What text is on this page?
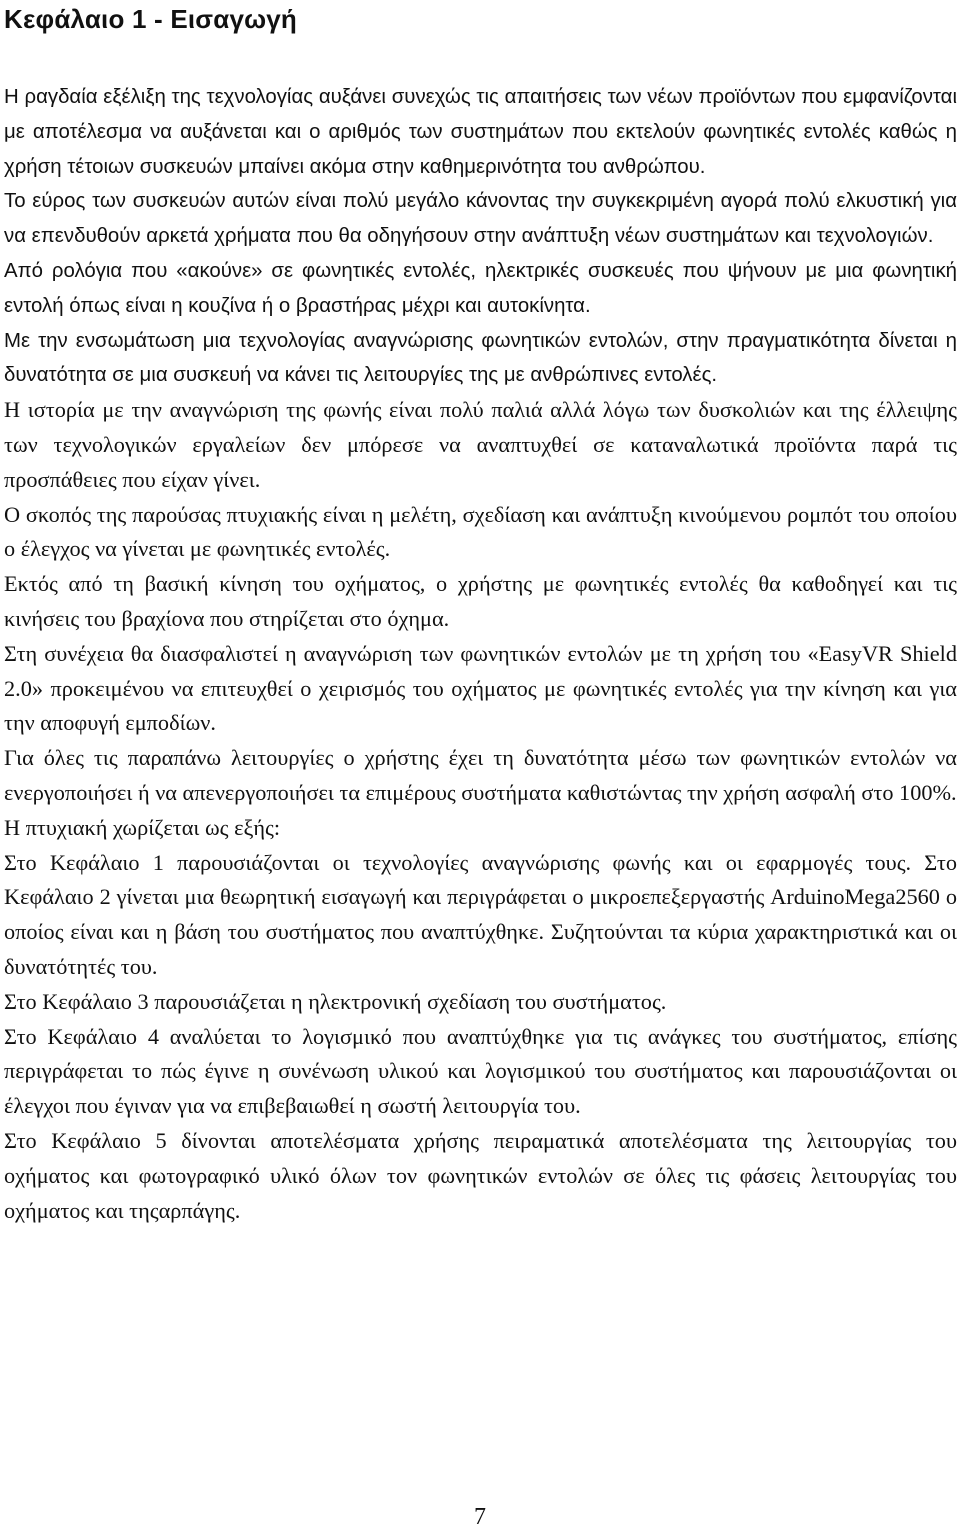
Κεφάλαιο 1 - Εισαγωγή

Η ραγδαία εξέλιξη της τεχνολογίας αυξάνει συνεχώς τις απαιτήσεις των νέων προϊόντων που εμφανίζονται με αποτέλεσμα να αυξάνεται και ο αριθμός των συστημάτων που εκτελούν φωνητικές εντολές καθώς η χρήση τέτοιων συσκευών μπαίνει ακόμα στην καθημερινότητα του ανθρώπου.

Το εύρος των συσκευών αυτών είναι πολύ μεγάλο κάνοντας την συγκεκριμένη αγορά πολύ ελκυστική για να επενδυθούν αρκετά χρήματα που θα οδηγήσουν στην ανάπτυξη νέων συστημάτων και τεχνολογιών.

Από ρολόγια που «ακούνε» σε φωνητικές εντολές, ηλεκτρικές συσκευές που ψήνουν με μια φωνητική εντολή όπως είναι η κουζίνα ή ο βραστήρας μέχρι και αυτοκίνητα.

Με την ενσωμάτωση μια τεχνολογίας αναγνώρισης φωνητικών εντολών, στην πραγματικότητα δίνεται η δυνατότητα σε μια συσκευή να κάνει τις λειτουργίες της με ανθρώπινες εντολές.

Η ιστορία με την αναγνώριση της φωνής είναι πολύ παλιά αλλά λόγω των δυσκολιών και της έλλειψης των τεχνολογικών εργαλείων δεν μπόρεσε να αναπτυχθεί σε καταναλωτικά προϊόντα παρά τις προσπάθειες που είχαν γίνει.

Ο σκοπός της παρούσας πτυχιακής είναι η μελέτη, σχεδίαση και ανάπτυξη κινούμενου ρομπότ του οποίου ο έλεγχος να γίνεται με φωνητικές εντολές.

Εκτός από τη βασική κίνηση του οχήματος, ο χρήστης με φωνητικές εντολές θα καθοδηγεί και τις κινήσεις του βραχίονα που στηρίζεται στο όχημα.

Στη συνέχεια θα διασφαλιστεί η αναγνώριση των φωνητικών εντολών με τη χρήση του «EasyVR Shield 2.0» προκειμένου να επιτευχθεί ο χειρισμός του οχήματος με φωνητικές εντολές για την κίνηση και για την αποφυγή εμποδίων.

Για όλες τις παραπάνω λειτουργίες ο χρήστης έχει τη δυνατότητα μέσω των φωνητικών εντολών να ενεργοποιήσει ή να απενεργοποιήσει τα επιμέρους συστήματα καθιστώντας την χρήση ασφαλή στο 100%.

Η πτυχιακή χωρίζεται ως εξής:

Στο Κεφάλαιο 1 παρουσιάζονται οι τεχνολογίες αναγνώρισης φωνής και οι εφαρμογές τους. Στο Κεφάλαιο 2 γίνεται μια θεωρητική εισαγωγή και περιγράφεται ο μικροεπεξεργαστής ArduinoMega2560 ο οποίος είναι και η βάση του συστήματος που αναπτύχθηκε. Συζητούνται τα κύρια χαρακτηριστικά και οι δυνατότητές του.

Στο Κεφάλαιο 3 παρουσιάζεται η ηλεκτρονική σχεδίαση του συστήματος.

Στο Κεφάλαιο 4 αναλύεται το λογισμικό που αναπτύχθηκε για τις ανάγκες του συστήματος, επίσης περιγράφεται το πώς έγινε η συνένωση υλικού και λογισμικού του συστήματος και παρουσιάζονται οι έλεγχοι που έγιναν για να επιβεβαιωθεί η σωστή λειτουργία του.

Στο Κεφάλαιο 5 δίνονται αποτελέσματα χρήσης πειραματικά αποτελέσματα της λειτουργίας του οχήματος και φωτογραφικό υλικό όλων τον φωνητικών εντολών σε όλες τις φάσεις λειτουργίας του οχήματος και τηςαρπάγης.

7
